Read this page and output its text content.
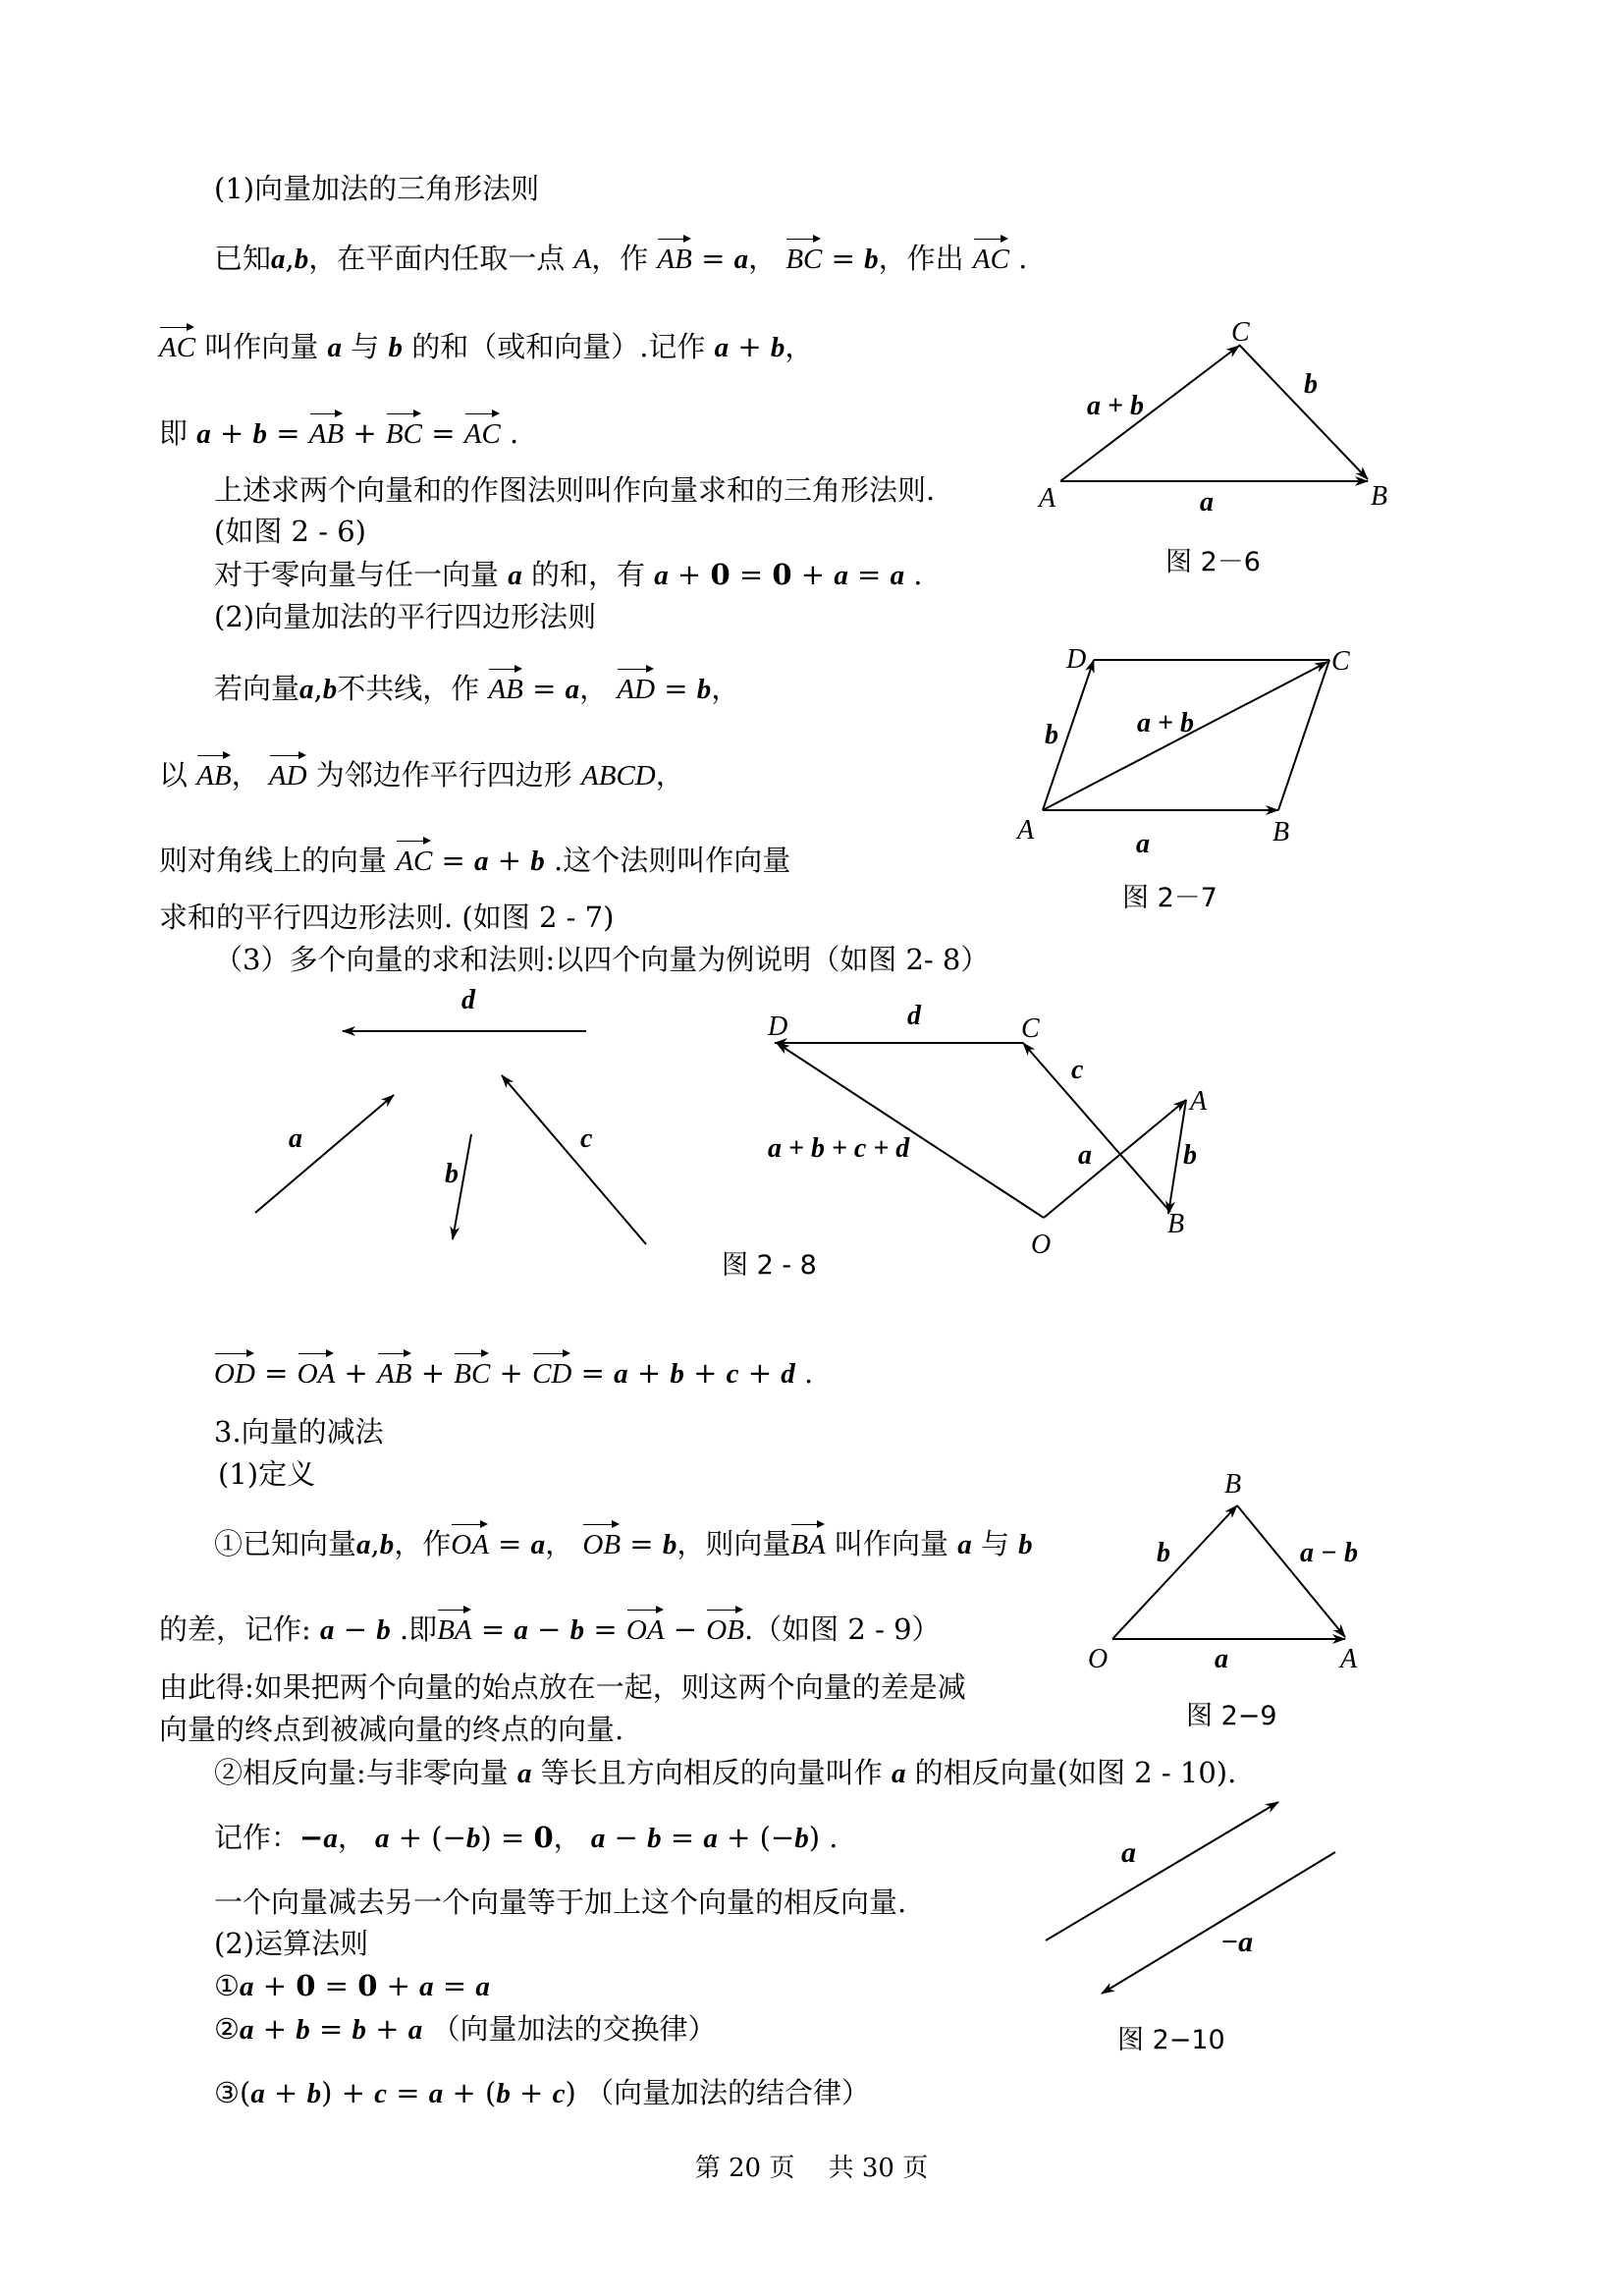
(1)向量加法的三角形法则
已知a,b，在平面内任取一点 A，作 AB = a， BC = b，作出 AC .
AC 叫作向量 a 与 b 的和（或和向量）.记作 a + b，
即 a + b = AB + BC = AC .
上述求两个向量和的作图法则叫作向量求和的三角形法则.
(如图 2 - 6)
对于零向量与任一向量 a 的和，有 a + 0 = 0 + a = a .
(2)向量加法的平行四边形法则
若向量a,b不共线，作 AB = a， AD = b，
以 AB， AD 为邻边作平行四边形 ABCD，
则对角线上的向量 AC = a + b .这个法则叫作向量
求和的平行四边形法则. (如图 2 - 7)
（3）多个向量的求和法则:以四个向量为例说明（如图 2- 8）
OD = OA + AB + BC + CD = a + b + c + d .
3.向量的减法
(1)定义
①已知向量a,b，作OA = a， OB = b，则向量BA 叫作向量 a 与 b
的差，记作: a − b .即BA = a − b = OA − OB.（如图 2 - 9）
由此得:如果把两个向量的始点放在一起，则这两个向量的差是减
向量的终点到被减向量的终点的向量.
②相反向量:与非零向量 a 等长且方向相反的向量叫作 a 的相反向量(如图 2 - 10).
记作：−a， a + (−b) = 0， a − b = a + (−b) .
一个向量减去另一个向量等于加上这个向量的相反向量.
(2)运算法则
①a + 0 = 0 + a = a
②a + b = b + a （向量加法的交换律）
③(a + b) + c = a + (b + c) （向量加法的结合律）
C
A	B
a
b
a + b
D	C
A	B
a
b	a + b
d
a
b
c
D	C
A
B
O
d
c
a	b
a + b + c + d
B
O	A
a
b	a − b
a
−a
图 2－6
图 2－7
图 2 - 8
图 2−9
图 2−10
第 20 页　 共 30 页
